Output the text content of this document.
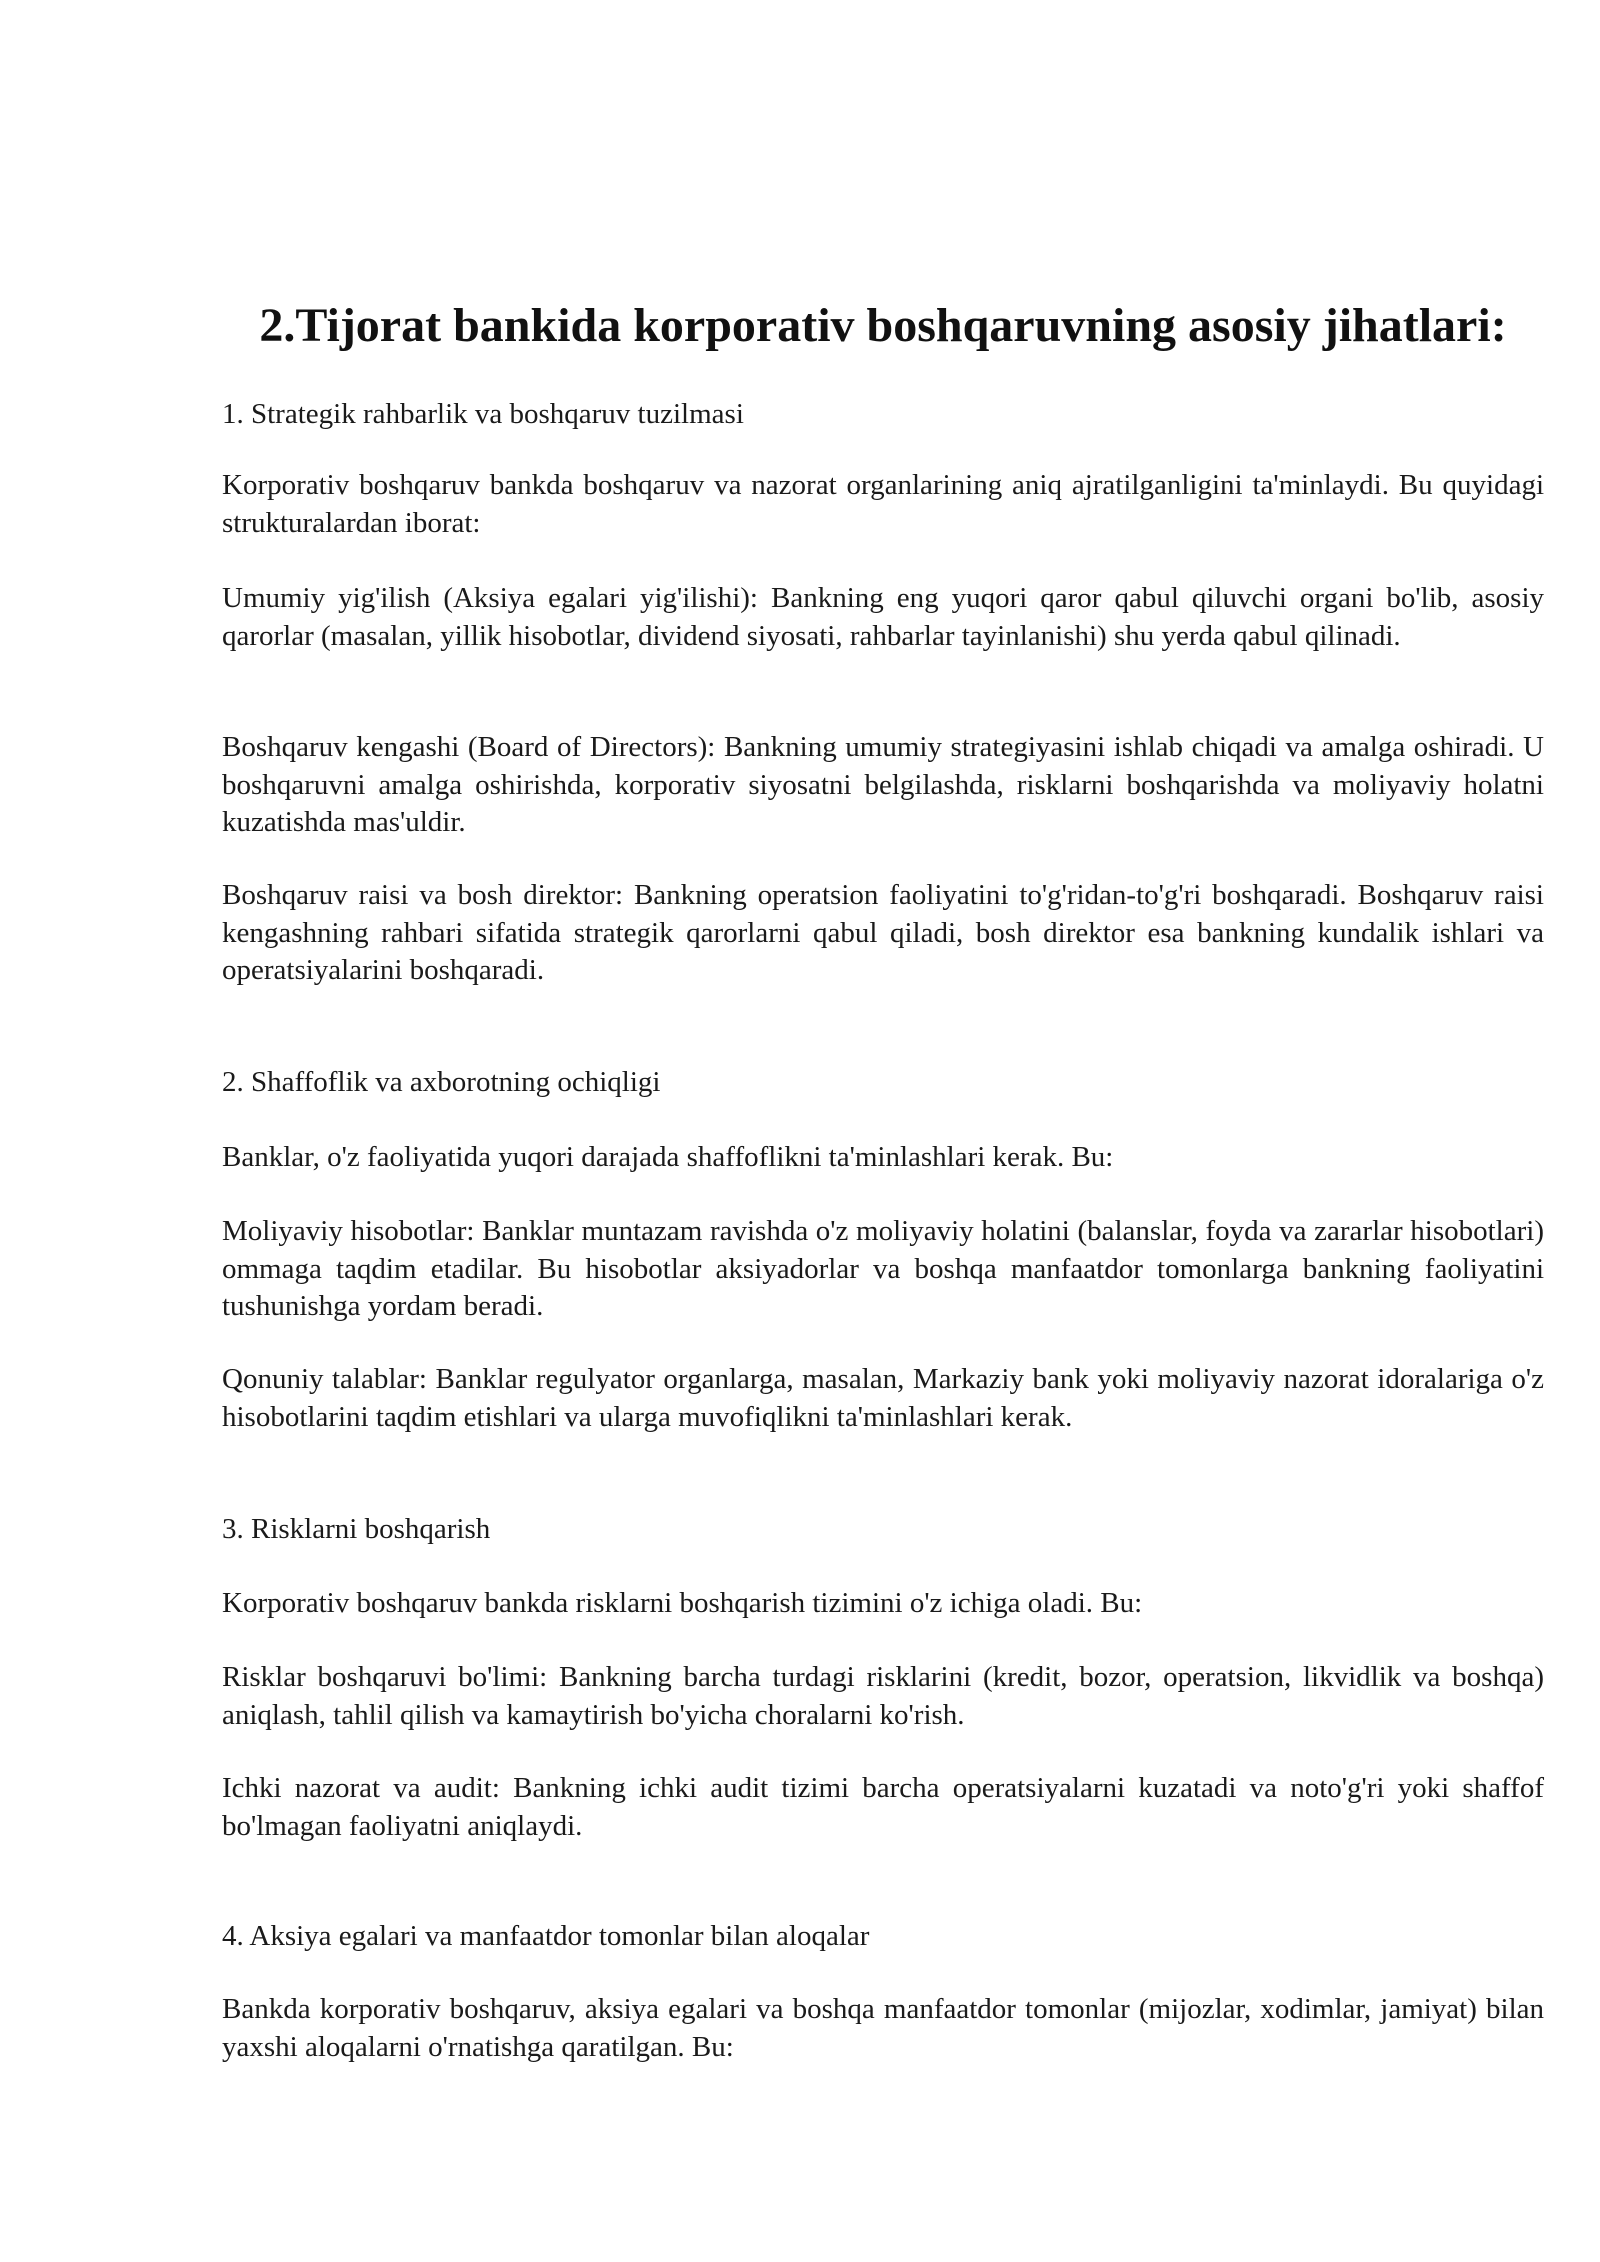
2.Tijorat bankida korporativ boshqaruvning asosiy jihatlari:

1. Strategik rahbarlik va boshqaruv tuzilmasi

Korporativ boshqaruv bankda boshqaruv va nazorat organlarining aniq ajratilganligini ta'minlaydi. Bu quyidagi strukturalardan iborat:

Umumiy yig'ilish (Aksiya egalari yig'ilishi): Bankning eng yuqori qaror qabul qiluvchi organi bo'lib, asosiy qarorlar (masalan, yillik hisobotlar, dividend siyosati, rahbarlar tayinlanishi) shu yerda qabul qilinadi.

Boshqaruv kengashi (Board of Directors): Bankning umumiy strategiyasini ishlab chiqadi va amalga oshiradi. U boshqaruvni amalga oshirishda, korporativ siyosatni belgilashda, risklarni boshqarishda va moliyaviy holatni kuzatishda mas'uldir.

Boshqaruv raisi va bosh direktor: Bankning operatsion faoliyatini to'g'ridan-to'g'ri boshqaradi. Boshqaruv raisi kengashning rahbari sifatida strategik qarorlarni qabul qiladi, bosh direktor esa bankning kundalik ishlari va operatsiyalarini boshqaradi.

2. Shaffoflik va axborotning ochiqligi

Banklar, o'z faoliyatida yuqori darajada shaffoflikni ta'minlashlari kerak. Bu:

Moliyaviy hisobotlar: Banklar muntazam ravishda o'z moliyaviy holatini (balanslar, foyda va zararlar hisobotlari) ommaga taqdim etadilar. Bu hisobotlar aksiyadorlar va boshqa manfaatdor tomonlarga bankning faoliyatini tushunishga yordam beradi.

Qonuniy talablar: Banklar regulyator organlarga, masalan, Markaziy bank yoki moliyaviy nazorat idoralariga o'z hisobotlarini taqdim etishlari va ularga muvofiqlikni ta'minlashlari kerak.

3. Risklarni boshqarish

Korporativ boshqaruv bankda risklarni boshqarish tizimini o'z ichiga oladi. Bu:

Risklar boshqaruvi bo'limi: Bankning barcha turdagi risklarini (kredit, bozor, operatsion, likvidlik va boshqa) aniqlash, tahlil qilish va kamaytirish bo'yicha choralarni ko'rish.

Ichki nazorat va audit: Bankning ichki audit tizimi barcha operatsiyalarni kuzatadi va noto'g'ri yoki shaffof bo'lmagan faoliyatni aniqlaydi.

4. Aksiya egalari va manfaatdor tomonlar bilan aloqalar

Bankda korporativ boshqaruv, aksiya egalari va boshqa manfaatdor tomonlar (mijozlar, xodimlar, jamiyat) bilan yaxshi aloqalarni o'rnatishga qaratilgan. Bu:
